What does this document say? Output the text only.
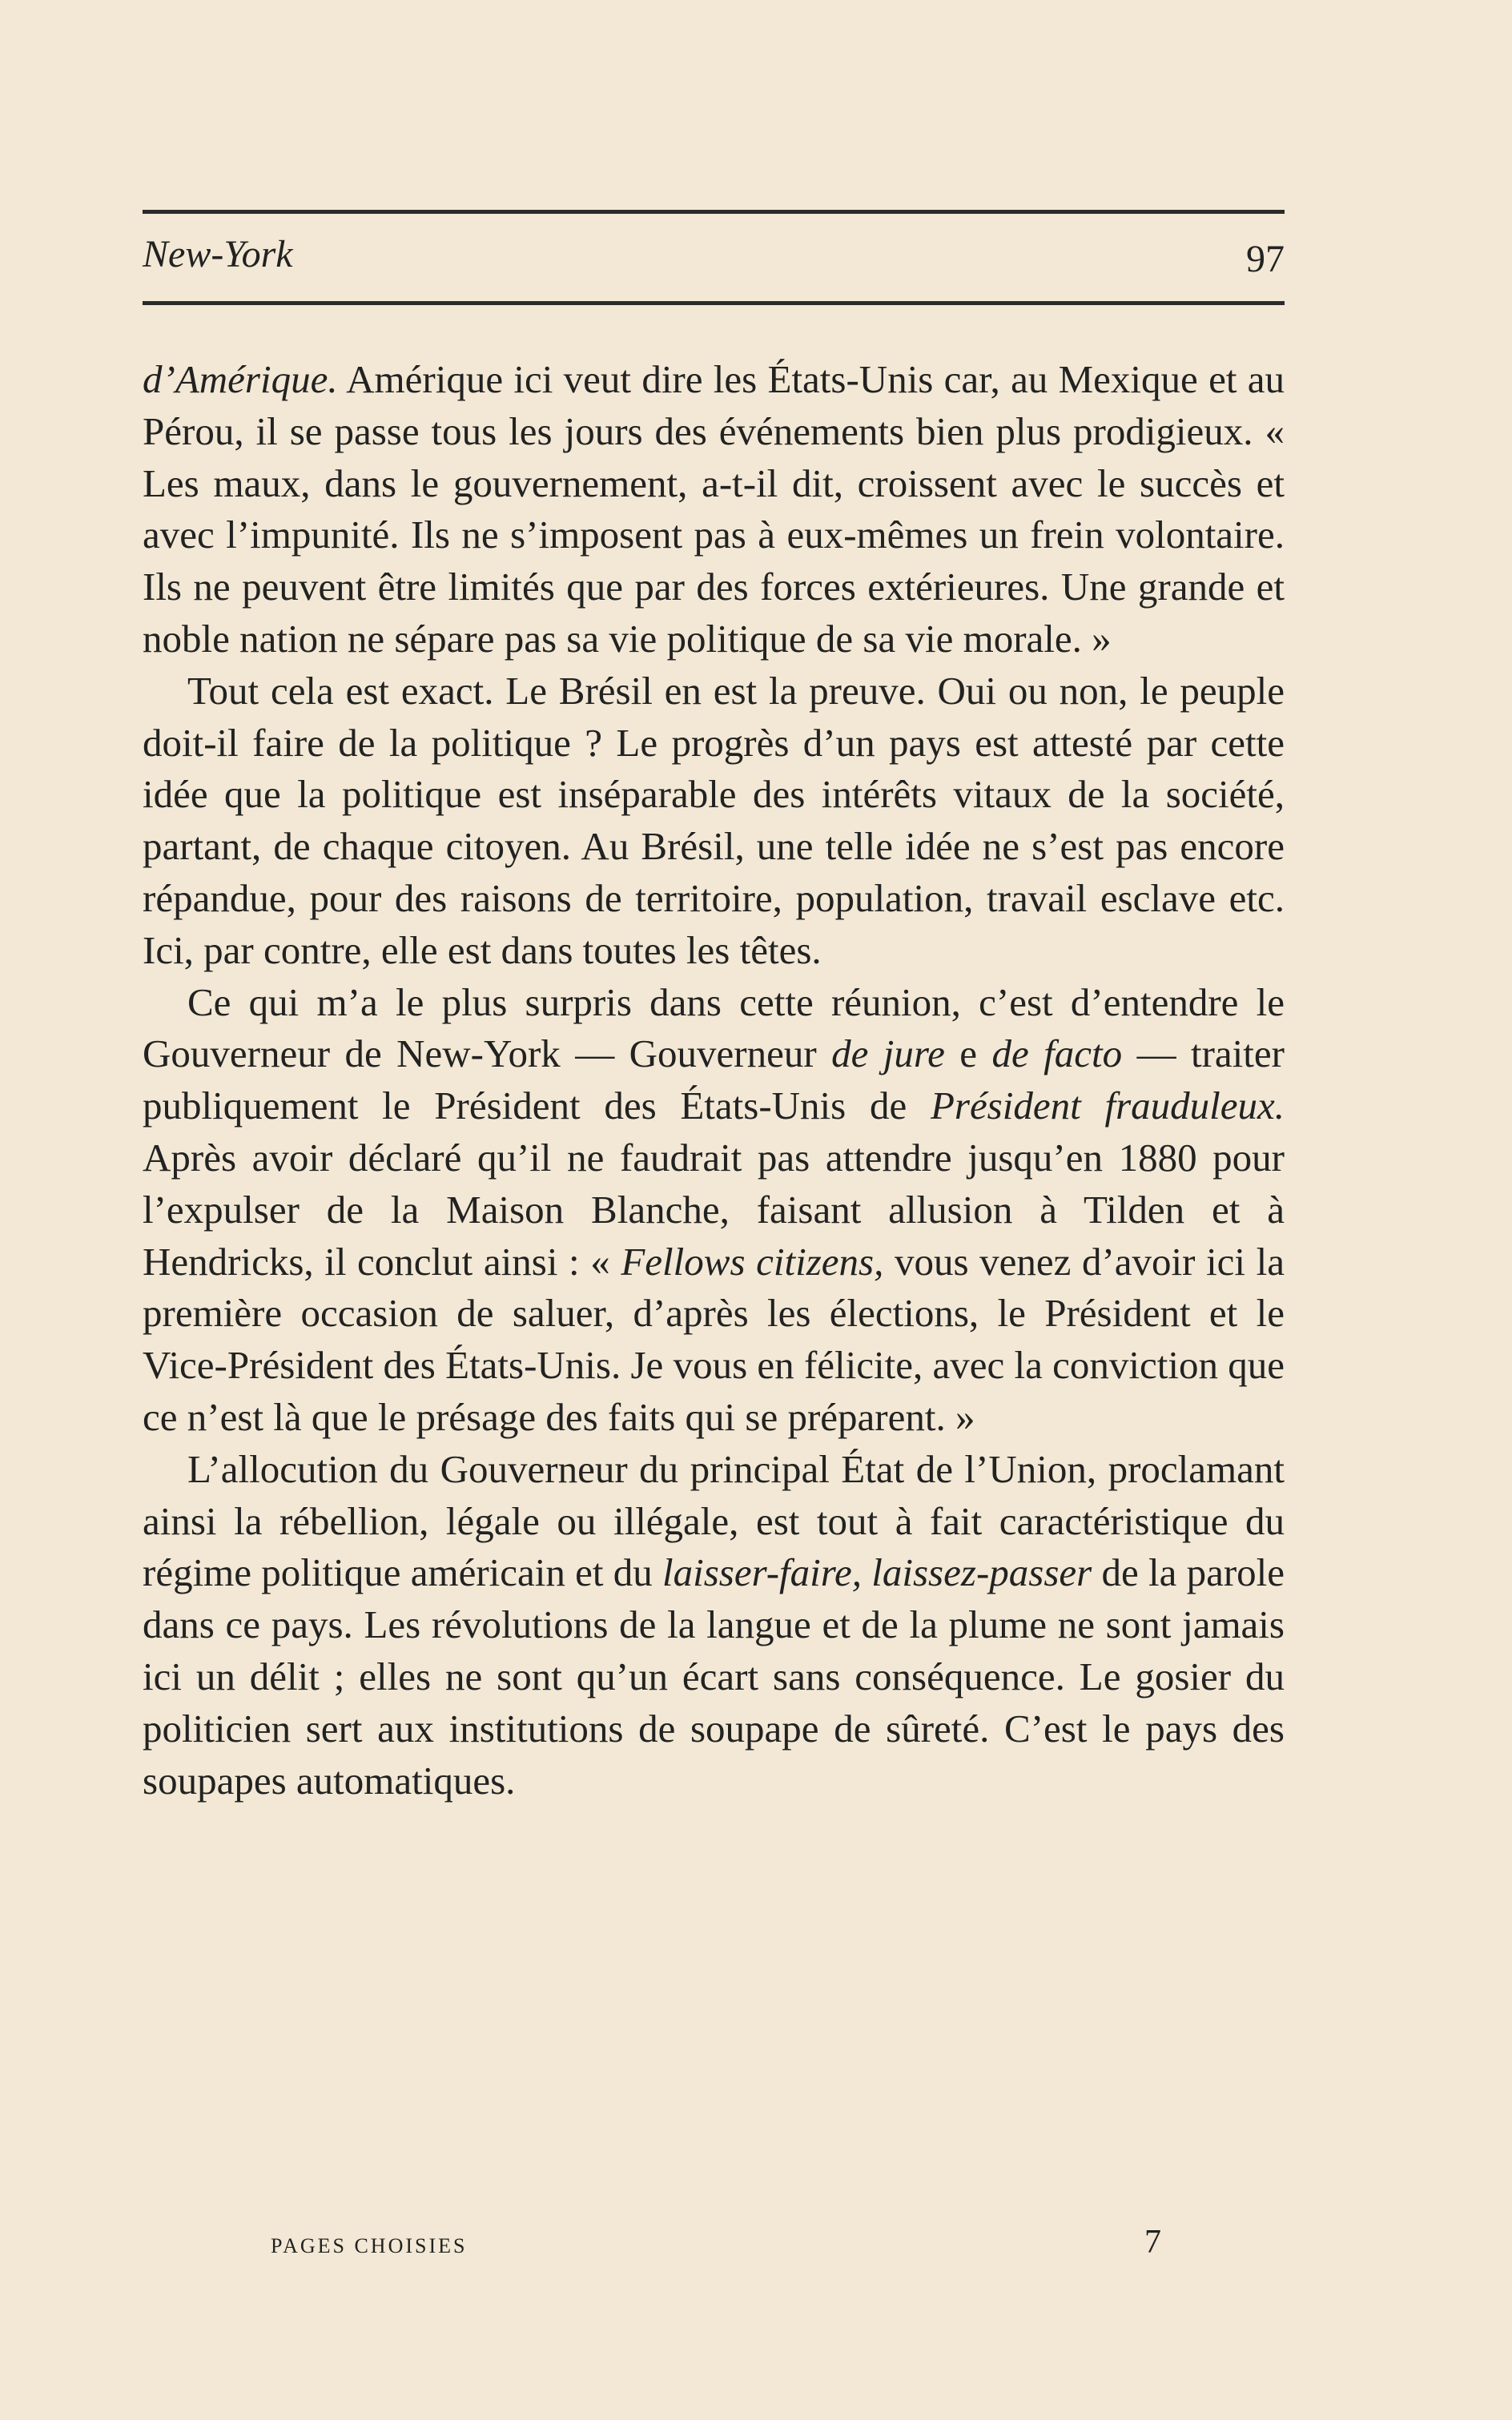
New-York	97

d’Amérique. Amérique ici veut dire les États-Unis car, au Mexique et au Pérou, il se passe tous les jours des événements bien plus prodigieux. « Les maux, dans le gouvernement, a-t-il dit, croissent avec le succès et avec l’impunité. Ils ne s’imposent pas à eux-mêmes un frein volontaire. Ils ne peuvent être limités que par des forces extérieures. Une grande et noble nation ne sépare pas sa vie politique de sa vie morale. »

Tout cela est exact. Le Brésil en est la preuve. Oui ou non, le peuple doit-il faire de la politique ? Le progrès d’un pays est attesté par cette idée que la politique est inséparable des intérêts vitaux de la société, partant, de chaque citoyen. Au Brésil, une telle idée ne s’est pas encore répandue, pour des raisons de territoire, population, travail esclave etc. Ici, par contre, elle est dans toutes les têtes.

Ce qui m’a le plus surpris dans cette réunion, c’est d’entendre le Gouverneur de New-York — Gouverneur de jure e de facto — traiter publiquement le Président des États-Unis de Président frauduleux. Après avoir déclaré qu’il ne faudrait pas attendre jusqu’en 1880 pour l’expulser de la Maison Blanche, faisant allusion à Tilden et à Hendricks, il conclut ainsi : « Fellows citizens, vous venez d’avoir ici la première occasion de saluer, d’après les élections, le Président et le Vice-Président des États-Unis. Je vous en félicite, avec la conviction que ce n’est là que le présage des faits qui se préparent. »

L’allocution du Gouverneur du principal État de l’Union, proclamant ainsi la rébellion, légale ou illégale, est tout à fait caractéristique du régime politique américain et du laisser-faire, laissez-passer de la parole dans ce pays. Les révolutions de la langue et de la plume ne sont jamais ici un délit ; elles ne sont qu’un écart sans conséquence. Le gosier du politicien sert aux institutions de soupape de sûreté. C’est le pays des soupapes automatiques.

PAGES CHOISIES	7
